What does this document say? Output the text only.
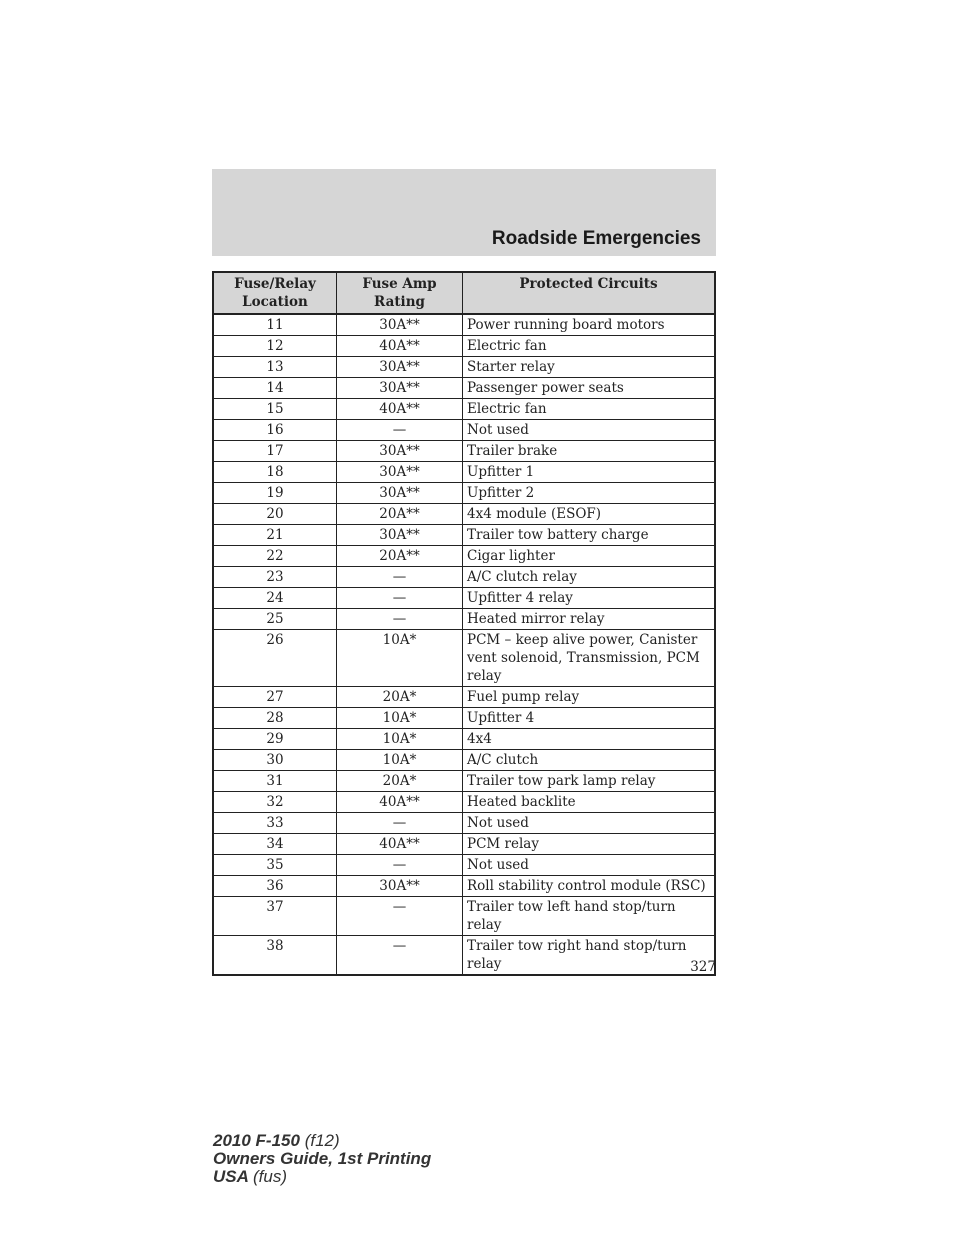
Roadside Emergencies
Fuse/Relay Location	Fuse Amp Rating	Protected Circuits
11	30A**	Power running board motors
12	40A**	Electric fan
13	30A**	Starter relay
14	30A**	Passenger power seats
15	40A**	Electric fan
16	—	Not used
17	30A**	Trailer brake
18	30A**	Upfitter 1
19	30A**	Upfitter 2
20	20A**	4x4 module (ESOF)
21	30A**	Trailer tow battery charge
22	20A**	Cigar lighter
23	—	A/C clutch relay
24	—	Upfitter 4 relay
25	—	Heated mirror relay
26	10A*	PCM – keep alive power, Canister vent solenoid, Transmission, PCM relay
27	20A*	Fuel pump relay
28	10A*	Upfitter 4
29	10A*	4x4
30	10A*	A/C clutch
31	20A*	Trailer tow park lamp relay
32	40A**	Heated backlite
33	—	Not used
34	40A**	PCM relay
35	—	Not used
36	30A**	Roll stability control module (RSC)
37	—	Trailer tow left hand stop/turn relay
38	—	Trailer tow right hand stop/turn relay	327
2010 F-150 (f12)
Owners Guide, 1st Printing
USA (fus)
